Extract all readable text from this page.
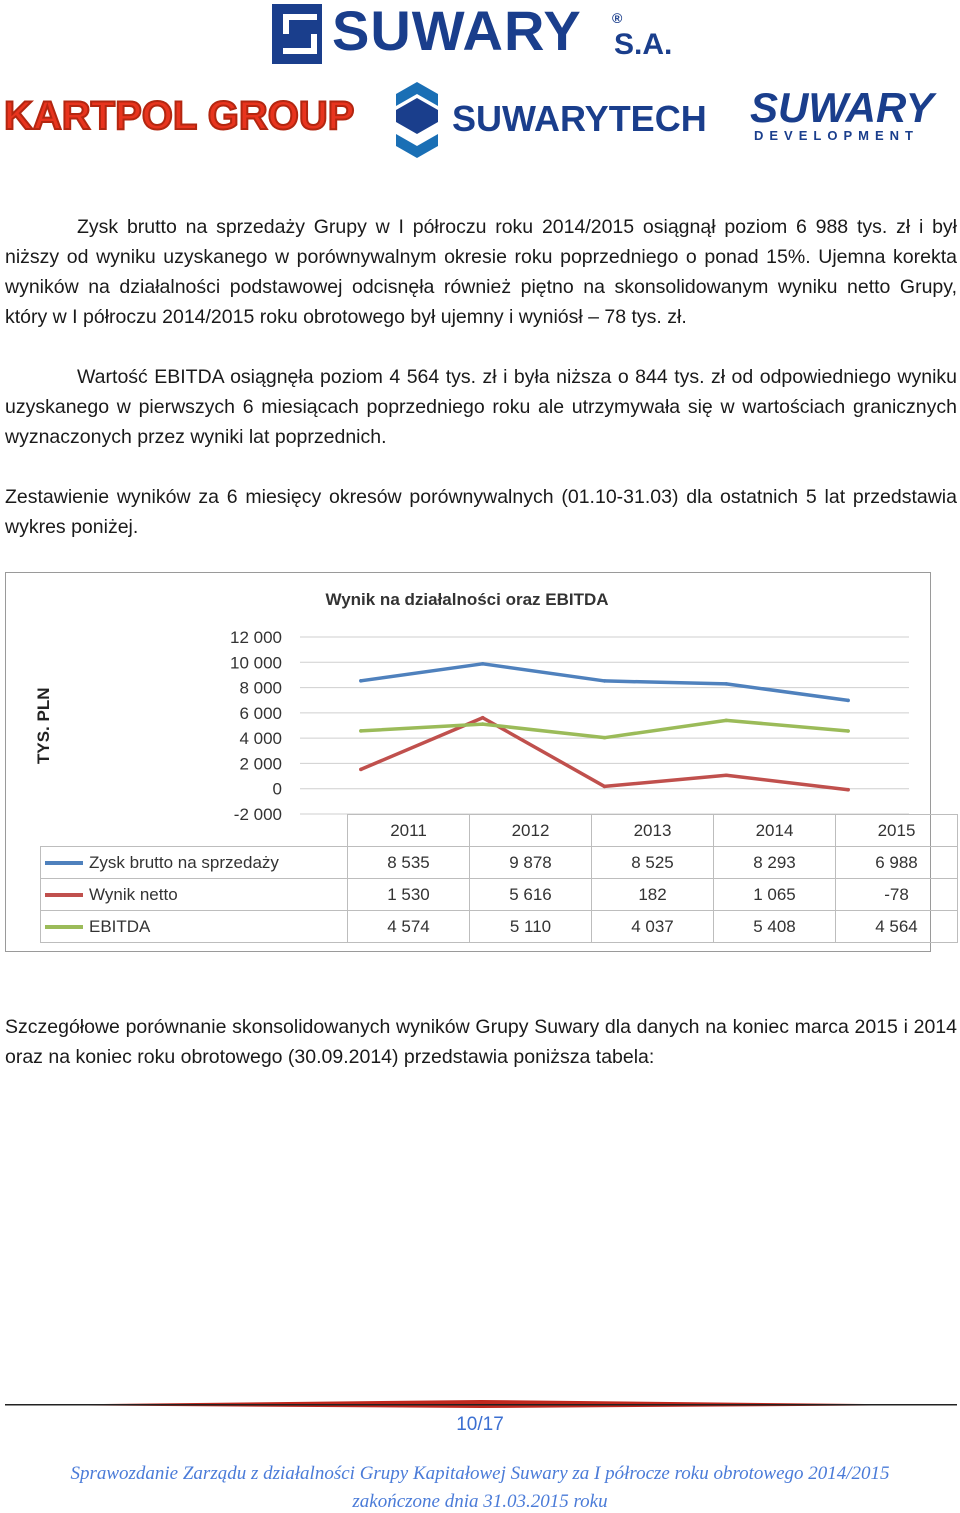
SUWARY ®
S.A.
KARTPOL GROUP	SUWARYTECH SUWARY
DEVELOPMENT
Zysk brutto na sprzedaży Grupy w I półroczu roku 2014/2015 osiągnął poziom 6 988 tys. zł i był niższy od wyniku uzyskanego w porównywalnym okresie roku poprzedniego o ponad 15%. Ujemna korekta wyników na działalności podstawowej odcisnęła również piętno na skonsolidowanym wyniku netto Grupy, który w I półroczu 2014/2015 roku obrotowego był ujemny i wyniósł – 78 tys. zł.
Wartość EBITDA osiągnęła poziom 4 564 tys. zł i była niższa o 844 tys. zł od odpowiedniego wyniku uzyskanego w pierwszych 6 miesiącach poprzedniego roku ale utrzymywała się w wartościach granicznych wyznaczonych przez wyniki lat poprzednich.
Zestawienie wyników za 6 miesięcy okresów porównywalnych (01.10-31.03) dla ostatnich 5 lat przedstawia wykres poniżej.
Wynik na działalności oraz EBITDA
TYS. PLN
12 000
10 000
8 000
6 000
4 000
2 000
0
-2 000
	2011	2012	2013	2014	2015

Zysk brutto na sprzedaży	8 535	9 878	8 525	8 293	6 988

Wynik netto	1 530	5 616	182	1 065	-78

EBITDA	4 574	5 110	4 037	5 408	4 564
Szczegółowe porównanie skonsolidowanych wyników Grupy Suwary dla danych na koniec marca 2015 i 2014 oraz na koniec roku obrotowego (30.09.2014) przedstawia poniższa tabela:
10/17
Sprawozdanie Zarządu z działalności Grupy Kapitałowej Suwary za I półrocze roku obrotowego 2014/2015
zakończone dnia 31.03.2015 roku
